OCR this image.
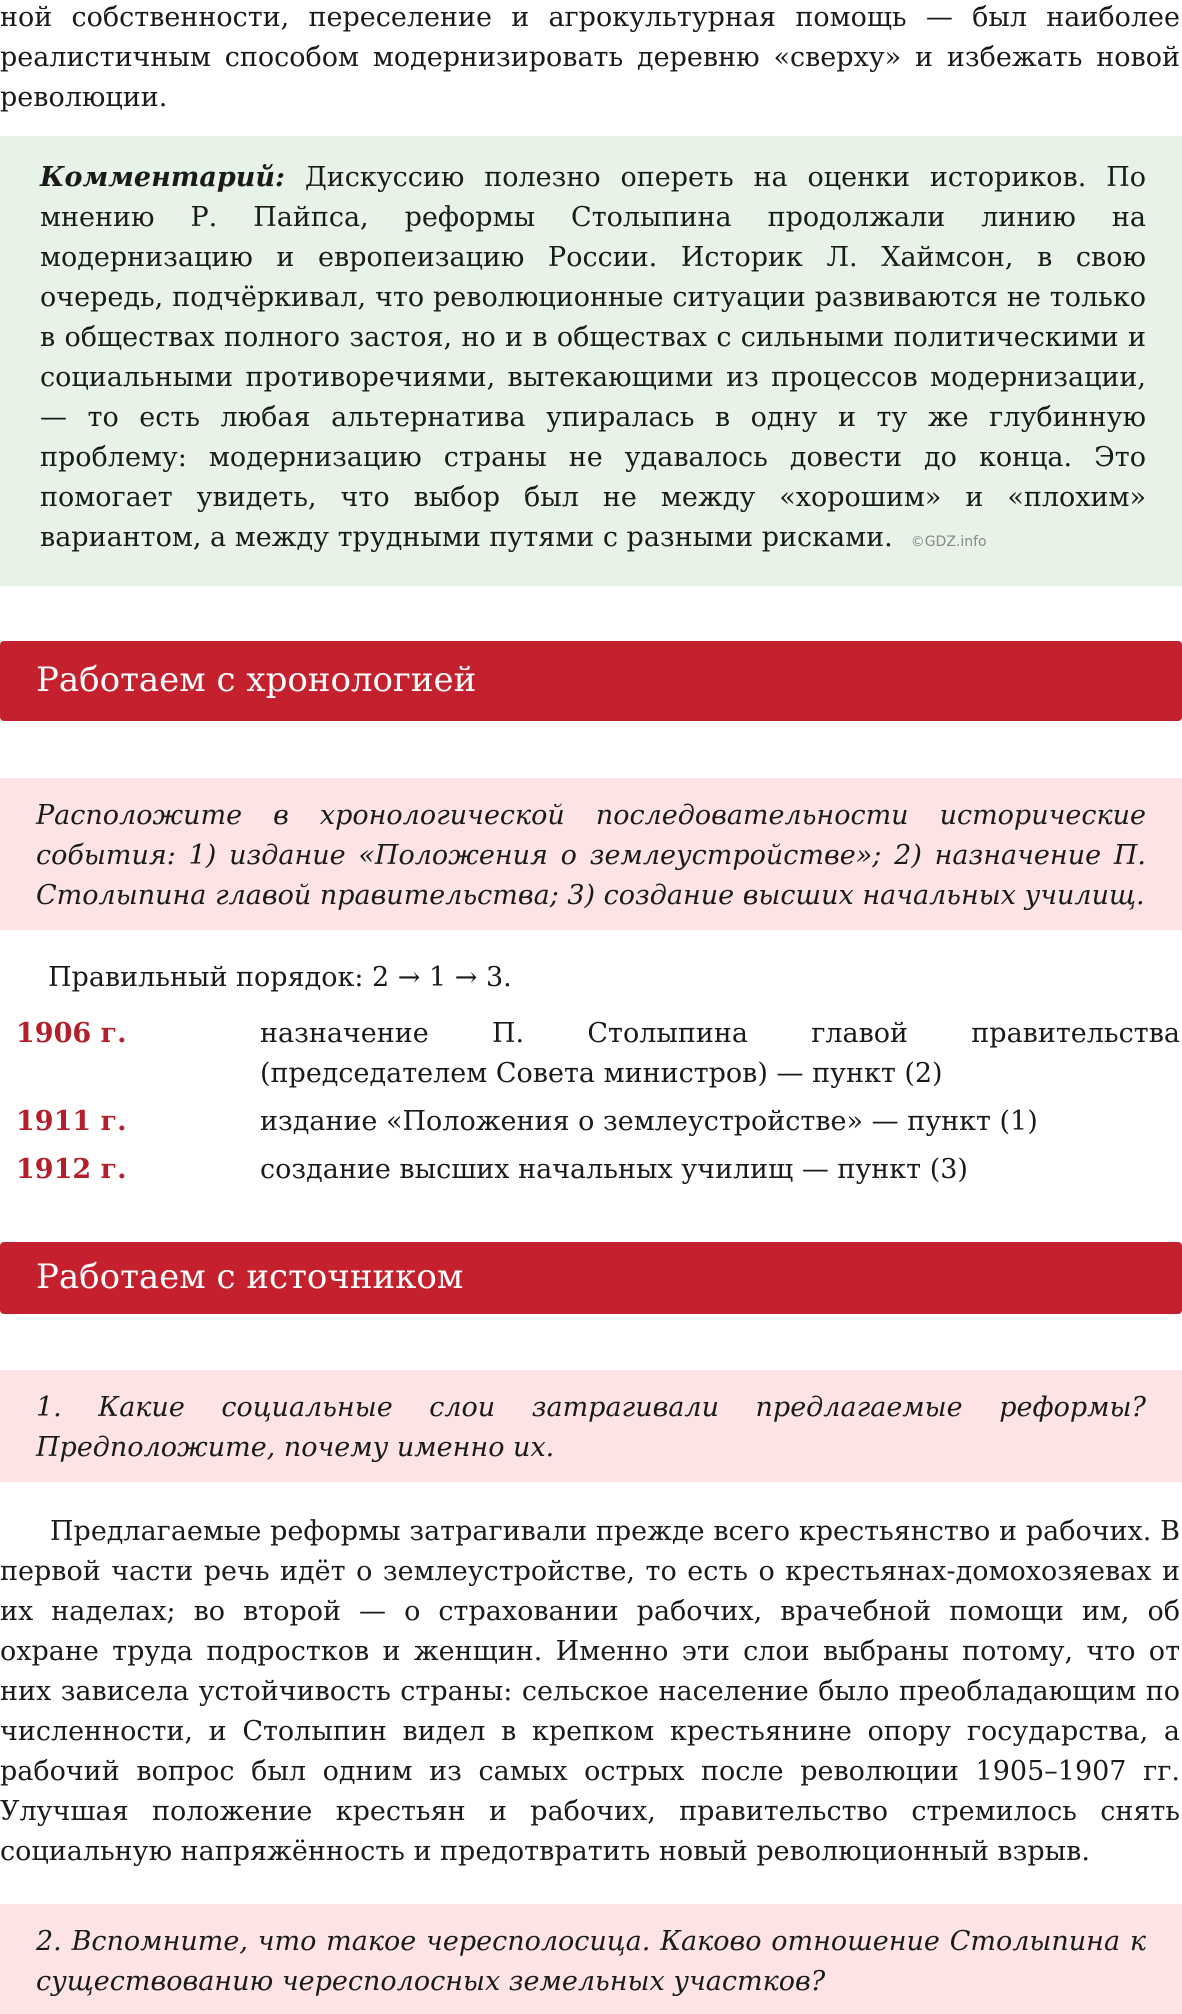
ной собственности, переселение и агрокультурная помощь — был наиболее реалистичным способом модернизировать деревню «сверху» и избежать новой революции.

Комментарий: Дискуссию полезно опереть на оценки историков. По мнению Р. Пайпса, реформы Столыпина продолжали линию на модернизацию и европеизацию России. Историк Л. Хаймсон, в свою очередь, подчёркивал, что революционные ситуации развиваются не только в обществах полного застоя, но и в обществах с сильными политическими и социальными противоречиями, вытекающими из процессов модернизации, — то есть любая альтернатива упиралась в одну и ту же глубинную проблему: модернизацию страны не удавалось довести до конца. Это помогает увидеть, что выбор был не между «хорошим» и «плохим» вариантом, а между трудными путями с разными рисками. ©GDZ.info

Работаем с хронологией

Расположите в хронологической последовательности исторические события: 1) издание «Положения о землеустройстве»; 2) назначение П. Столыпина главой правительства; 3) создание высших начальных училищ.

Правильный порядок: 2 → 1 → 3.
1906 г.	назначение П. Столыпина главой правительства (председателем Совета министров) — пункт (2)
1911 г.	издание «Положения о землеустройстве» — пункт (1)
1912 г.	создание высших начальных училищ — пункт (3)
Работаем с источником

1. Какие социальные слои затрагивали предлагаемые реформы? Предположите, почему именно их.

Предлагаемые реформы затрагивали прежде всего крестьянство и рабочих. В первой части речь идёт о землеустройстве, то есть о крестьянах-домохозяевах и их наделах; во второй — о страховании рабочих, врачебной помощи им, об охране труда подростков и женщин. Именно эти слои выбраны потому, что от них зависела устойчивость страны: сельское население было преобладающим по численности, и Столыпин видел в крепком крестьянине опору государства, а рабочий вопрос был одним из самых острых после революции 1905–1907 гг. Улучшая положение крестьян и рабочих, правительство стремилось снять социальную напряжённость и предотвратить новый революционный взрыв.

2. Вспомните, что такое чересполосица. Каково отношение Столыпина к существованию чересполосных земельных участков?
